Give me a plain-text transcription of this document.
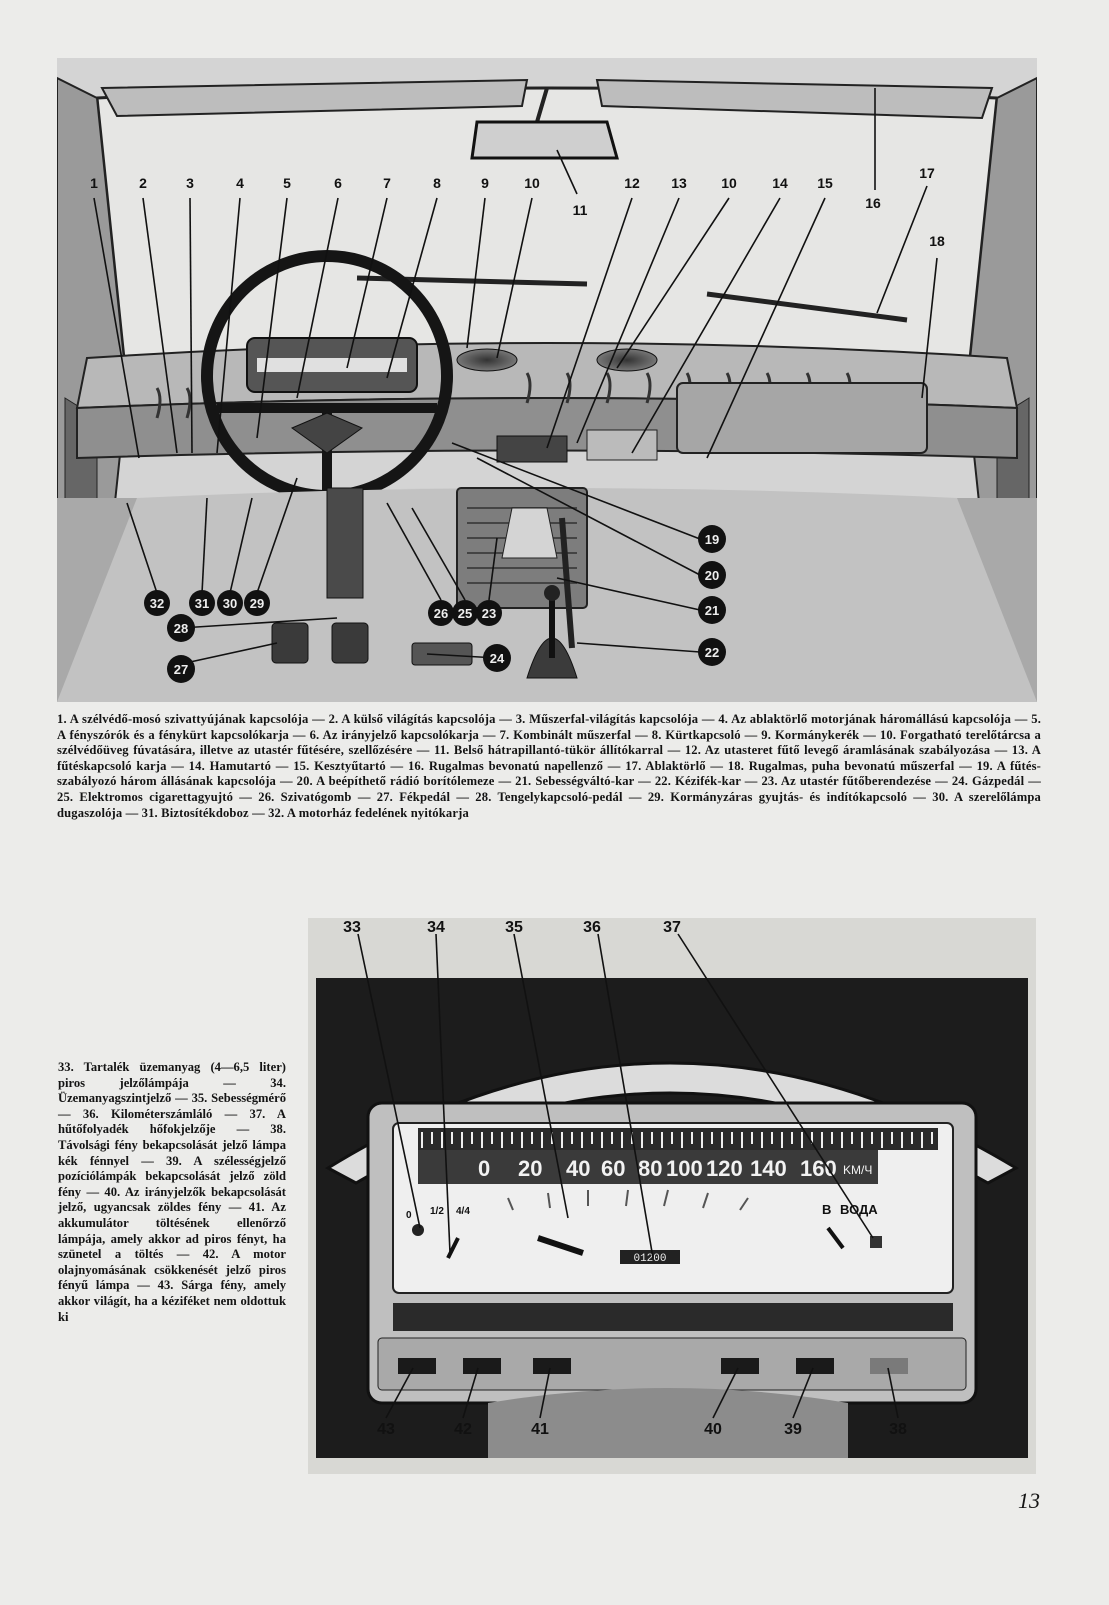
1	2	3	4	5	6	7	8	9	10
11
12 13 10	14 15
16
17
18
19
20
21
22
23
24
25
26
27
28
29
30
31
32
1. A szélvédő-mosó szivattyújának kapcsolója — 2. A külső világítás kapcsolója — 3. Műszerfal-világítás kapcsolója — 4. Az ablaktörlő motorjának háromállású kapcsolója — 5. A fényszórók és a fénykürt kapcsolókarja — 6. Az irányjelző kapcsolókarja — 7. Kombinált műszerfal — 8. Kürtkapcsoló — 9. Kormánykerék — 10. Forgatható terelőtárcsa a szélvédőüveg fúvatására, illetve az utastér fűtésére, szellőzésére — 11. Belső hátrapillantó-tükör állítókarral — 12. Az utasteret fűtő levegő áramlásának szabályozása — 13. A fűtéskapcsoló karja — 14. Hamutartó — 15. Kesztyűtartó — 16. Rugalmas bevonatú napellenző — 17. Ablaktörlő — 18. Rugalmas, puha bevonatú műszerfal — 19. A fűtés-szabályozó három állásának kapcsolója — 20. A beépíthető rádió borítólemeze — 21. Sebességváltó-kar — 22. Kézifék-kar — 23. Az utastér fűtőberendezése — 24. Gázpedál — 25. Elektromos cigarettagyujtó — 26. Szivatógomb — 27. Fékpedál — 28. Tengelykapcsoló-pedál — 29. Kormányzáras gyujtás- és indítókapcsoló — 30. A szerelőlámpa dugaszolója — 31. Biztosítékdoboz — 32. A motorház fedelének nyitókarja
0 20 40 60 80 100 120 140 160 KM/Ч
0 1/2 4/4
01200
В ВОДА
33	34	35	36	37
43	42	41	40	39	38
33. Tartalék üzemanyag (4—6,5 liter) piros jelzőlámpája — 34. Üzemanyagszintjelző — 35. Sebességmérő — 36. Kilométerszámláló — 37. A hűtőfolyadék hőfokjelzője — 38. Távolsági fény bekapcsolását jelző lámpa kék fénnyel — 39. A szélességjelző pozíciólámpák bekapcsolását jelző zöld fény — 40. Az irányjelzők bekapcsolását jelző, ugyancsak zöldes fény — 41. Az akkumulátor töltésének ellenőrző lámpája, amely akkor ad piros fényt, ha szünetel a töltés — 42. A motor olajnyomásának csökkenését jelző piros fényű lámpa — 43. Sárga fény, amely akkor világít, ha a kéziféket nem oldottuk ki
13
